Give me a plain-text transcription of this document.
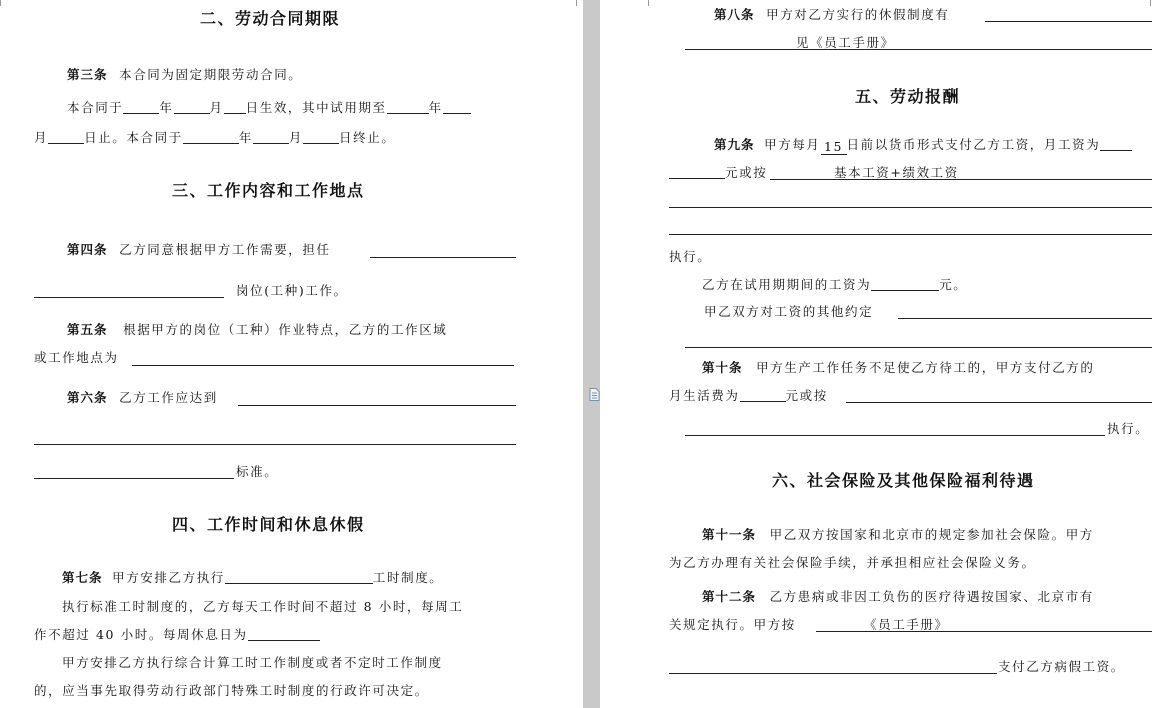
二、劳动合同期限
第三条 本合同为固定期限劳动合同。
本合同于	年	月 日生效，其中试用期至	年
月	日止。本合同于	年	月	日终止。
三、工作内容和工作地点
第四条 乙方同意根据甲方工作需要，担任
岗位(工种)工作。
第五条 根据甲方的岗位（工种）作业特点，乙方的工作区域
或工作地点为
第六条 乙方工作应达到
标准。
四、工作时间和休息休假
第七条 甲方安排乙方执行	工时制度。
执行标准工时制度的，乙方每天工作时间不超过 8 小时，每周工
作不超过 40 小时。每周休息日为
甲方安排乙方执行综合计算工时工作制度或者不定时工作制度
的，应当事先取得劳动行政部门特殊工时制度的行政许可决定。
第八条 甲方对乙方实行的休假制度有
见《员工手册》
五、劳动报酬
第九条 甲方每月 15 日前以货币形式支付乙方工资，月工资为
元或按	基本工资+绩效工资
执行。
乙方在试用期期间的工资为	元。
甲乙双方对工资的其他约定
第十条 甲方生产工作任务不足使乙方待工的，甲方支付乙方的
月生活费为	元或按
执行。
六、社会保险及其他保险福利待遇
第十一条 甲乙双方按国家和北京市的规定参加社会保险。甲方
为乙方办理有关社会保险手续，并承担相应社会保险义务。
第十二条 乙方患病或非因工负伤的医疗待遇按国家、北京市有
关规定执行。甲方按	《员工手册》
支付乙方病假工资。
